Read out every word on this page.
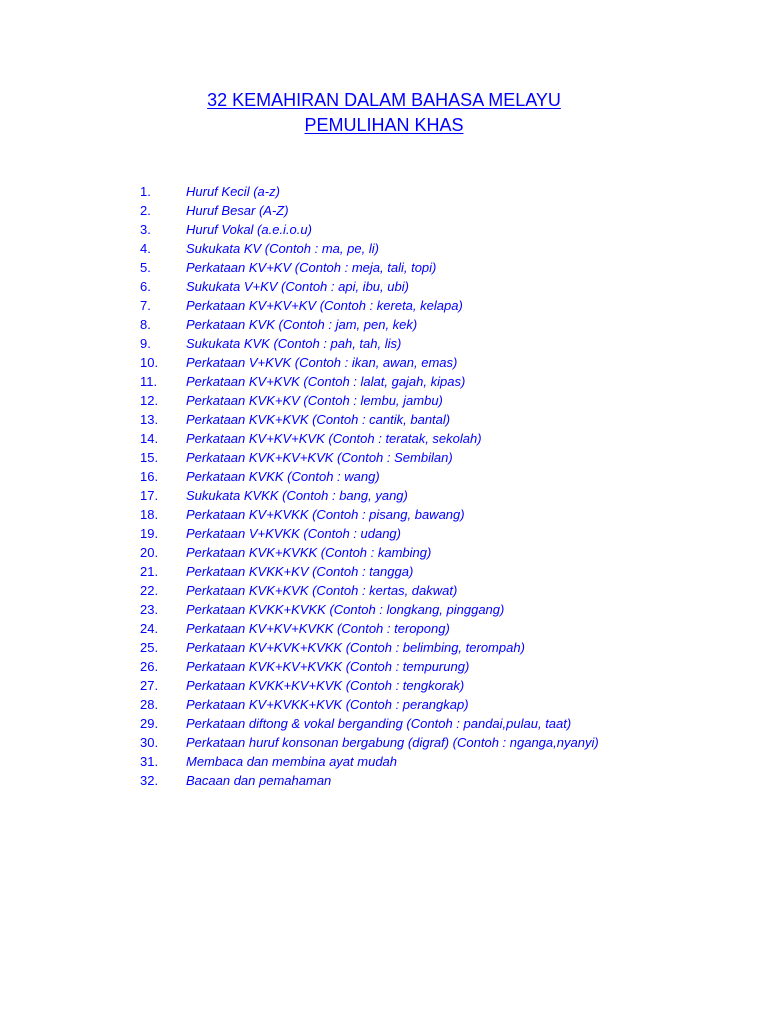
32 KEMAHIRAN DALAM BAHASA MELAYU
PEMULIHAN KHAS
1.	Huruf Kecil (a-z)
2.	Huruf Besar (A-Z)
3.	Huruf Vokal (a.e.i.o.u)
4.	Sukukata KV (Contoh : ma, pe, li)
5.	Perkataan KV+KV (Contoh : meja, tali, topi)
6.	Sukukata V+KV (Contoh : api, ibu, ubi)
7.	Perkataan KV+KV+KV (Contoh : kereta, kelapa)
8.	Perkataan KVK (Contoh : jam, pen, kek)
9.	Sukukata KVK (Contoh : pah, tah, lis)
10. Perkataan V+KVK (Contoh : ikan, awan, emas)
11. Perkataan KV+KVK (Contoh : lalat, gajah, kipas)
12. Perkataan KVK+KV (Contoh : lembu, jambu)
13. Perkataan KVK+KVK (Contoh : cantik, bantal)
14. Perkataan KV+KV+KVK (Contoh : teratak, sekolah)
15. Perkataan KVK+KV+KVK (Contoh : Sembilan)
16. Perkataan KVKK (Contoh : wang)
17. Sukukata KVKK (Contoh : bang, yang)
18. Perkataan KV+KVKK (Contoh : pisang, bawang)
19. Perkataan V+KVKK (Contoh : udang)
20. Perkataan KVK+KVKK (Contoh : kambing)
21. Perkataan KVKK+KV (Contoh : tangga)
22. Perkataan KVK+KVK (Contoh : kertas, dakwat)
23. Perkataan KVKK+KVKK (Contoh : longkang, pinggang)
24. Perkataan KV+KV+KVKK (Contoh : teropong)
25. Perkataan KV+KVK+KVKK (Contoh : belimbing, terompah)
26. Perkataan KVK+KV+KVKK (Contoh : tempurung)
27. Perkataan KVKK+KV+KVK (Contoh : tengkorak)
28. Perkataan KV+KVKK+KVK (Contoh : perangkap)
29. Perkataan diftong & vokal berganding (Contoh : pandai,pulau, taat)
30. Perkataan huruf konsonan bergabung (digraf) (Contoh : nganga,nyanyi)
31. Membaca dan membina ayat mudah
32. Bacaan dan pemahaman
